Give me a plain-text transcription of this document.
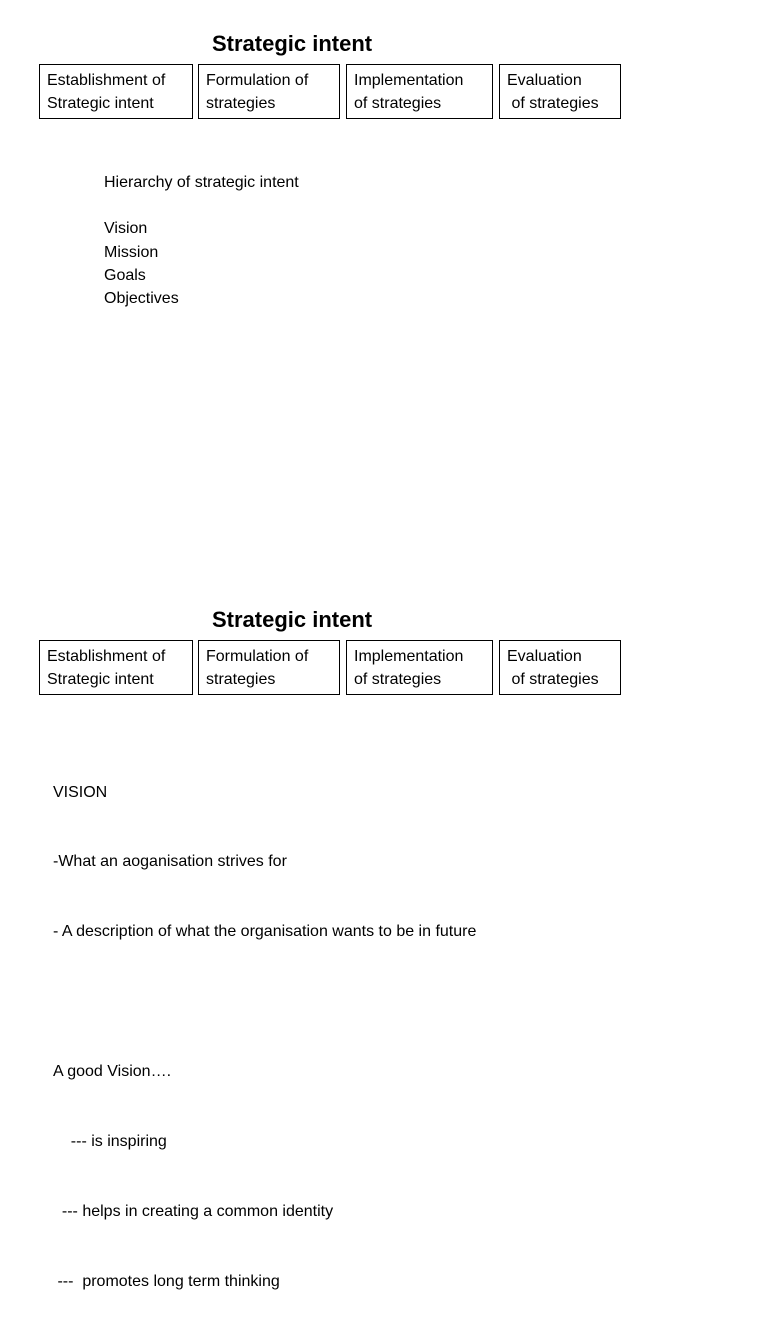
Strategic intent
Establishment of
Strategic intent
Formulation of
strategies
Implementation
of strategies
Evaluation
of strategies
Hierarchy of strategic intent
Vision
Mission
Goals
Objectives
Strategic intent
Establishment of
Strategic intent
Formulation of
strategies
Implementation
of strategies
Evaluation
of strategies

VISION

-What an aoganisation strives for

- A description of what the organisation wants to be in future

A good Vision….

--- is inspiring

--- helps in creating a common identity

---  promotes long term thinking
